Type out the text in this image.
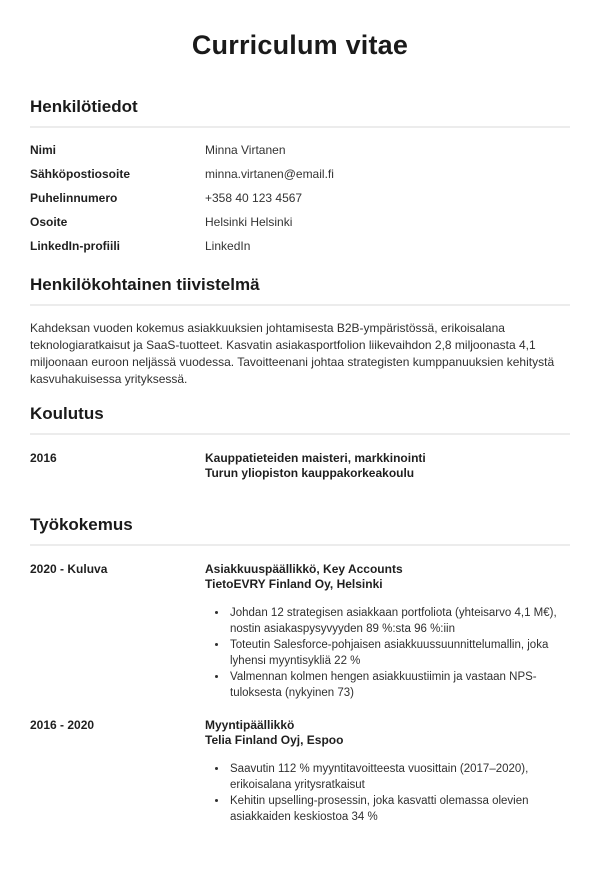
Curriculum vitae
Henkilötiedot
Nimi	Minna Virtanen
Sähköpostiosoite	minna.virtanen@email.fi
Puhelinnumero	+358 40 123 4567
Osoite	Helsinki Helsinki
LinkedIn-profiili	LinkedIn
Henkilökohtainen tiivistelmä

Kahdeksan vuoden kokemus asiakkuuksien johtamisesta B2B-ympäristössä, erikoisalana teknologiaratkaisut ja SaaS-tuotteet. Kasvatin asiakasportfolion liikevaihdon 2,8 miljoonasta 4,1 miljoonaan euroon neljässä vuodessa. Tavoitteenani johtaa strategisten kumppanuuksien kehitystä kasvuhakuisessa yrityksessä.

Koulutus
2016	Kauppatieteiden maisteri, markkinointi
Turun yliopiston kauppakorkeakoulu
Työkokemus
2020 - Kuluva	Asiakkuuspäällikkö, Key Accounts
TietoEVRY Finland Oy, Helsinki
• Johdan 12 strategisen asiakkaan portfoliota (yhteisarvo 4,1 M€), nostin asiakaspysyvyyden 89 %:sta 96 %:iin
• Toteutin Salesforce-pohjaisen asiakkuussuunnittelumallin, joka lyhensi myyntisykliä 22 %
• Valmennan kolmen hengen asiakkuustiimin ja vastaan NPS-tuloksesta (nykyinen 73)
2016 - 2020	Myyntipäällikkö
Telia Finland Oyj, Espoo
• Saavutin 112 % myyntitavoitteesta vuosittain (2017–2020), erikoisalana yritysratkaisut
• Kehitin upselling-prosessin, joka kasvatti olemassa olevien asiakkaiden keskiostoa 34 %
